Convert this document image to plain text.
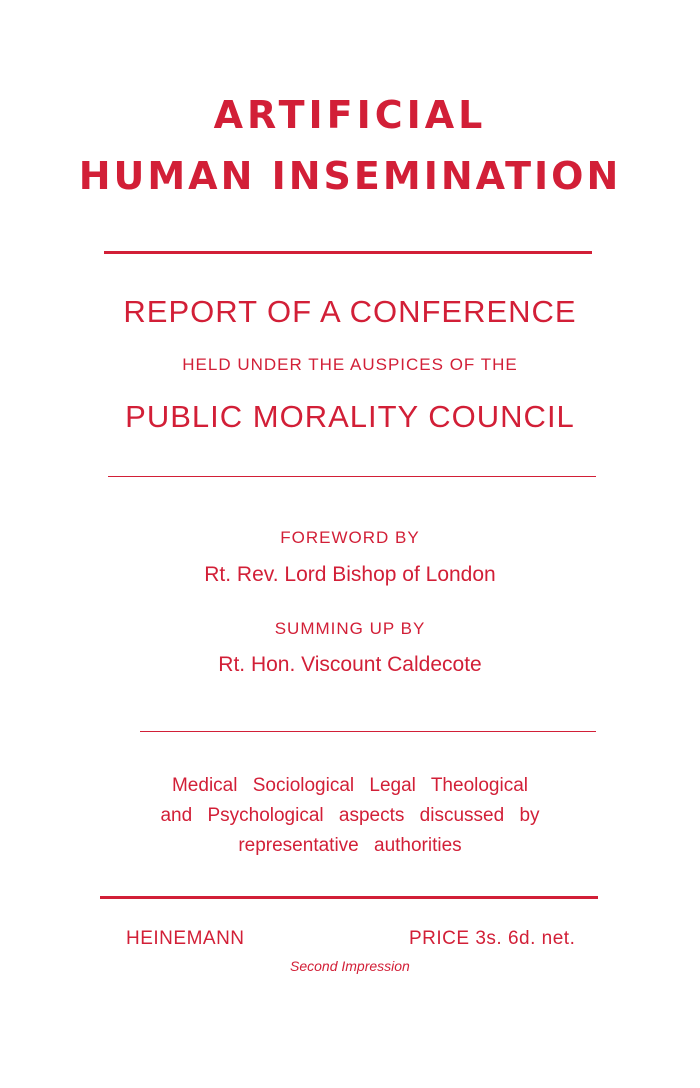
ARTIFICIAL
HUMAN INSEMINATION
REPORT OF A CONFERENCE
HELD UNDER THE AUSPICES OF THE
PUBLIC MORALITY COUNCIL
FOREWORD BY
Rt. Rev. Lord Bishop of London
SUMMING UP BY
Rt. Hon. Viscount Caldecote
Medical Sociological Legal Theological
and Psychological aspects discussed by
representative authorities
HEINEMANN	PRICE 3s. 6d. net.
Second Impression
